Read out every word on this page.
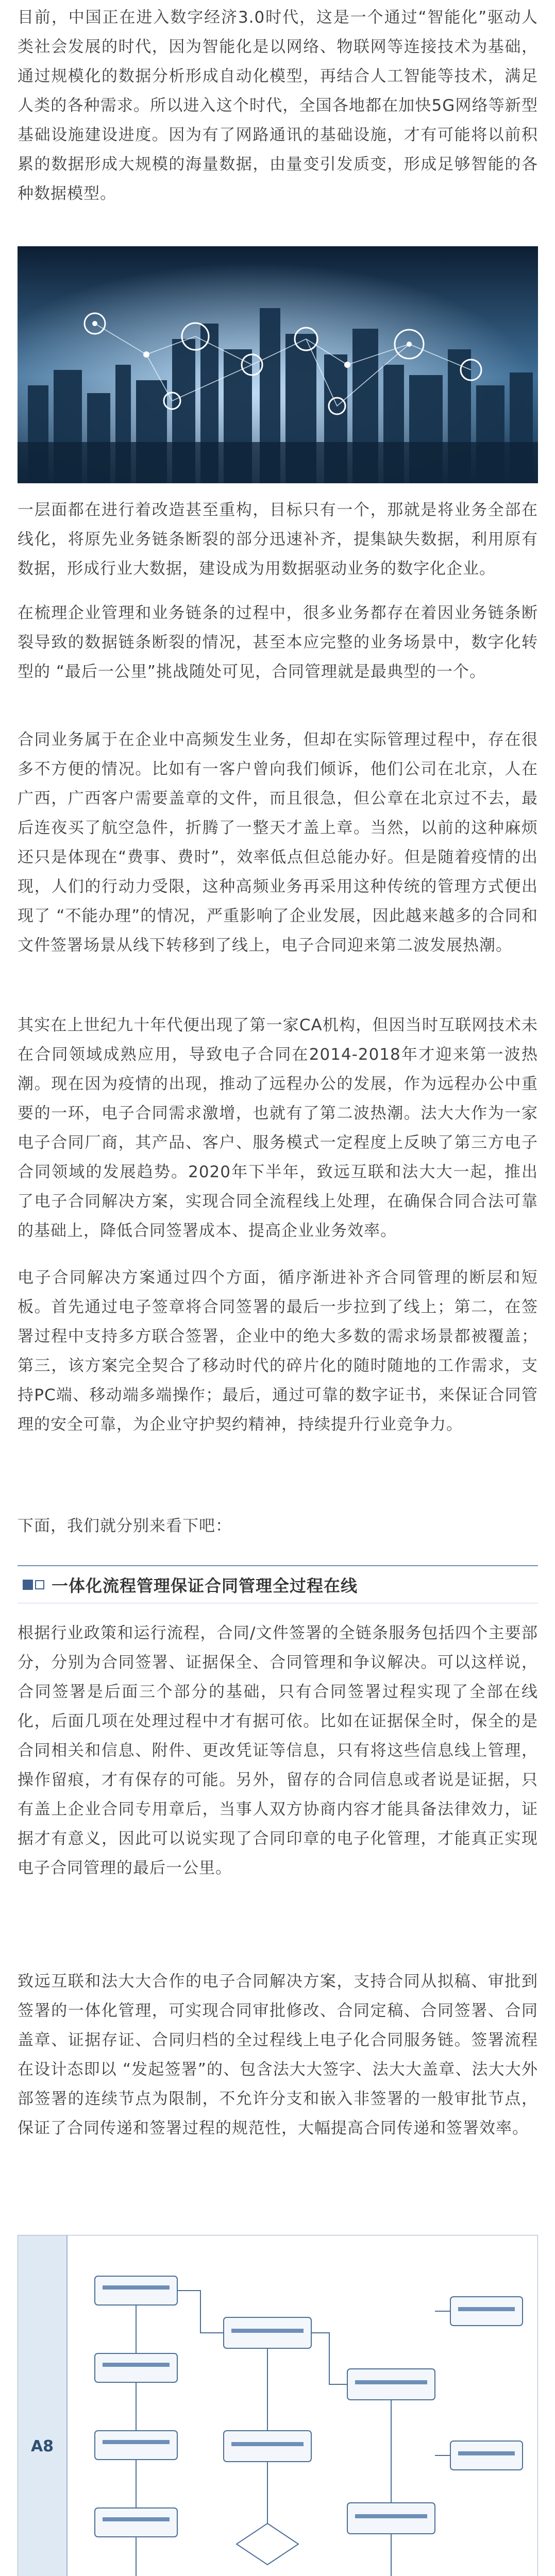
目前，中国正在进入数字经济3.0时代，这是一个通过“智能化”驱动人类社会发展的时代，因为智能化是以网络、物联网等连接技术为基础，通过规模化的数据分析形成自动化模型，再结合人工智能等技术，满足人类的各种需求。所以进入这个时代，全国各地都在加快5G网络等新型基础设施建设进度。因为有了网路通讯的基础设施，才有可能将以前积累的数据形成大规模的海量数据，由量变引发质变，形成足够智能的各种数据模型。

一层面都在进行着改造甚至重构，目标只有一个，那就是将业务全部在线化，将原先业务链条断裂的部分迅速补齐，提集缺失数据，利用原有数据，形成行业大数据，建设成为用数据驱动业务的数字化企业。

在梳理企业管理和业务链条的过程中，很多业务都存在着因业务链条断裂导致的数据链条断裂的情况，甚至本应完整的业务场景中，数字化转型的 “最后一公里”挑战随处可见，合同管理就是最典型的一个。

合同业务属于在企业中高频发生业务，但却在实际管理过程中，存在很多不方便的情况。比如有一客户曾向我们倾诉，他们公司在北京，人在广西，广西客户需要盖章的文件，而且很急，但公章在北京过不去，最后连夜买了航空急件，折腾了一整天才盖上章。当然，以前的这种麻烦还只是体现在“费事、费时”，效率低点但总能办好。但是随着疫情的出现，人们的行动力受限，这种高频业务再采用这种传统的管理方式便出现了 “不能办理”的情况，严重影响了企业发展，因此越来越多的合同和文件签署场景从线下转移到了线上，电子合同迎来第二波发展热潮。

其实在上世纪九十年代便出现了第一家CA机构，但因当时互联网技术未在合同领域成熟应用，导致电子合同在2014-2018年才迎来第一波热潮。现在因为疫情的出现，推动了远程办公的发展，作为远程办公中重要的一环，电子合同需求激增，也就有了第二波热潮。法大大作为一家电子合同厂商，其产品、客户、服务模式一定程度上反映了第三方电子合同领域的发展趋势。2020年下半年，致远互联和法大大一起，推出了电子合同解决方案，实现合同全流程线上处理，在确保合同合法可靠的基础上，降低合同签署成本、提高企业业务效率。

电子合同解决方案通过四个方面，循序渐进补齐合同管理的断层和短板。首先通过电子签章将合同签署的最后一步拉到了线上；第二，在签署过程中支持多方联合签署，企业中的绝大多数的需求场景都被覆盖；第三，该方案完全契合了移动时代的碎片化的随时随地的工作需求，支持PC端、移动端多端操作；最后，通过可靠的数字证书，来保证合同管理的安全可靠，为企业守护契约精神，持续提升行业竞争力。

下面，我们就分别来看下吧：

一体化流程管理保证合同管理全过程在线

根据行业政策和运行流程，合同/文件签署的全链条服务包括四个主要部分，分别为合同签署、证据保全、合同管理和争议解决。可以这样说，合同签署是后面三个部分的基础，只有合同签署过程实现了全部在线化，后面几项在处理过程中才有据可依。比如在证据保全时，保全的是合同相关和信息、附件、更改凭证等信息，只有将这些信息线上管理，操作留痕，才有保存的可能。另外，留存的合同信息或者说是证据，只有盖上企业合同专用章后，当事人双方协商内容才能具备法律效力，证据才有意义，因此可以说实现了合同印章的电子化管理，才能真正实现电子合同管理的最后一公里。

致远互联和法大大合作的电子合同解决方案，支持合同从拟稿、审批到签署的一体化管理，可实现合同审批修改、合同定稿、合同签署、合同盖章、证据存证、合同归档的全过程线上电子化合同服务链。签署流程在设计态即以 “发起签署”的、包含法大大签字、法大大盖章、法大大外部签署的连续节点为限制，不允许分支和嵌入非签署的一般审批节点，保证了合同传递和签署过程的规范性，大幅提高合同传递和签署效率。

A8
